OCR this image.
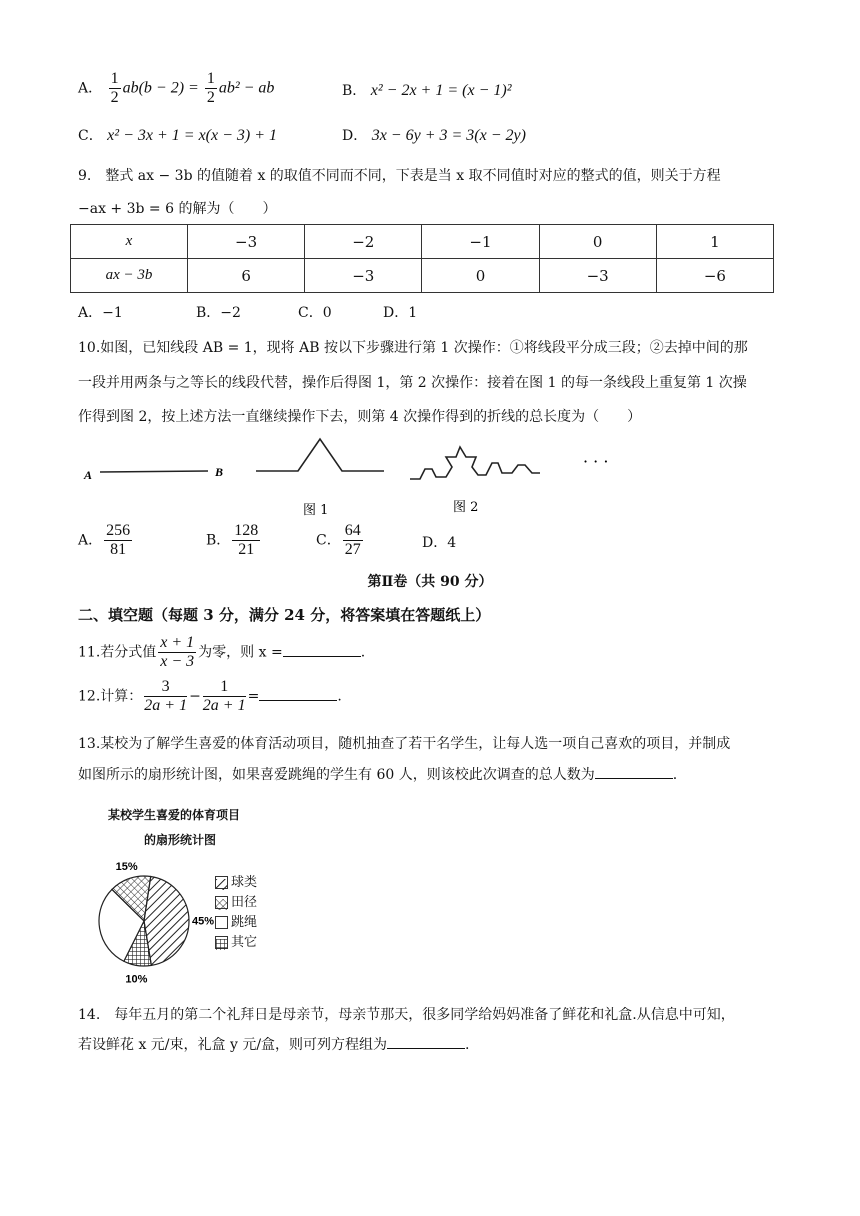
A． $\frac{1}{2} ab(b - 2) = \frac{1}{2} ab^2$ − ab	B． x² − 2x + 1 = (x − 1)²
C． x² − 3x + 1 = x(x − 3) + 1	D． 3x − 6y + 3 = 3(x − 2y)
9.　整式 ax − 3b 的值随着 x 的取值不同而不同，下表是当 x 取不同值时对应的整式的值，则关于方程
−ax + 3b = 6 的解为（　　）
x	−3	−2	−1	0	1
ax − 3b	6	−3	0	−3	−6
A．−1	B．−2	C．0	D．1
10.如图，已知线段 AB = 1，现将 AB 按以下步骤进行第 1 次操作：①将线段平分成三段；②去掉中间的那
一段并用两条与之等长的线段代替，操作后得图 1，第 2 次操作：接着在图 1 的每一条线段上重复第 1 次操
作得到图 2，按上述方法一直继续操作下去，则第 4 次操作得到的折线的总长度为（　　）
A	B
图 1	图 2
· · ·
A． $\frac{256}{81}$	B． $\frac{128}{21}$	C． $\frac{64}{27}$	D．4
第Ⅱ卷（共 90 分）
二、填空题（每题 3 分，满分 24 分，将答案填在答题纸上）
11.若分式值 $\frac{x + 1}{x - 3}$ 为零，则 x =	.
12.计算： $\frac{3}{2a + 1} - \frac{1}{2a + 1}$ =	.
13.某校为了解学生喜爱的体育活动项目，随机抽查了若干名学生，让每人选一项自己喜欢的项目，并制成
如图所示的扇形统计图，如果喜爱跳绳的学生有 60 人，则该校此次调查的总人数为	.
某校学生喜爱的体育项目
的扇形统计图
45%
10%
15%
球类
田径
跳绳
其它
14.　每年五月的第二个礼拜日是母亲节，母亲节那天，很多同学给妈妈准备了鲜花和礼盒.从信息中可知，
若设鲜花 x 元/束，礼盒 y 元/盒，则可列方程组为	.
